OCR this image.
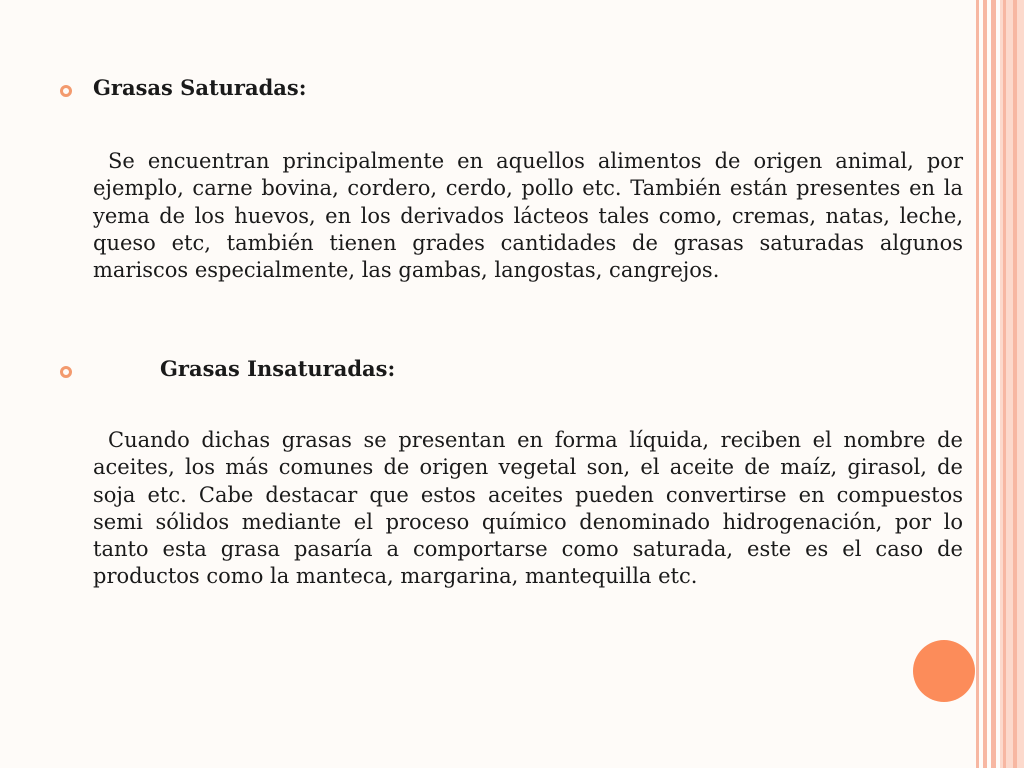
Grasas Saturadas:

Se encuentran principalmente en aquellos alimentos de origen animal, por ejemplo, carne bovina, cordero, cerdo, pollo etc. También están presentes en la yema de los huevos, en los derivados lácteos tales como, cremas, natas, leche, queso etc, también tienen grades cantidades de grasas saturadas algunos mariscos especialmente, las gambas, langostas, cangrejos.

Grasas Insaturadas:

Cuando dichas grasas se presentan en forma líquida, reciben el nombre de aceites, los más comunes de origen vegetal son, el aceite de maíz, girasol, de soja etc. Cabe destacar que estos aceites pueden convertirse en compuestos semi sólidos mediante el proceso químico denominado hidrogenación, por lo tanto esta grasa pasaría a comportarse como saturada, este es el caso de productos como la manteca, margarina, mantequilla etc.
